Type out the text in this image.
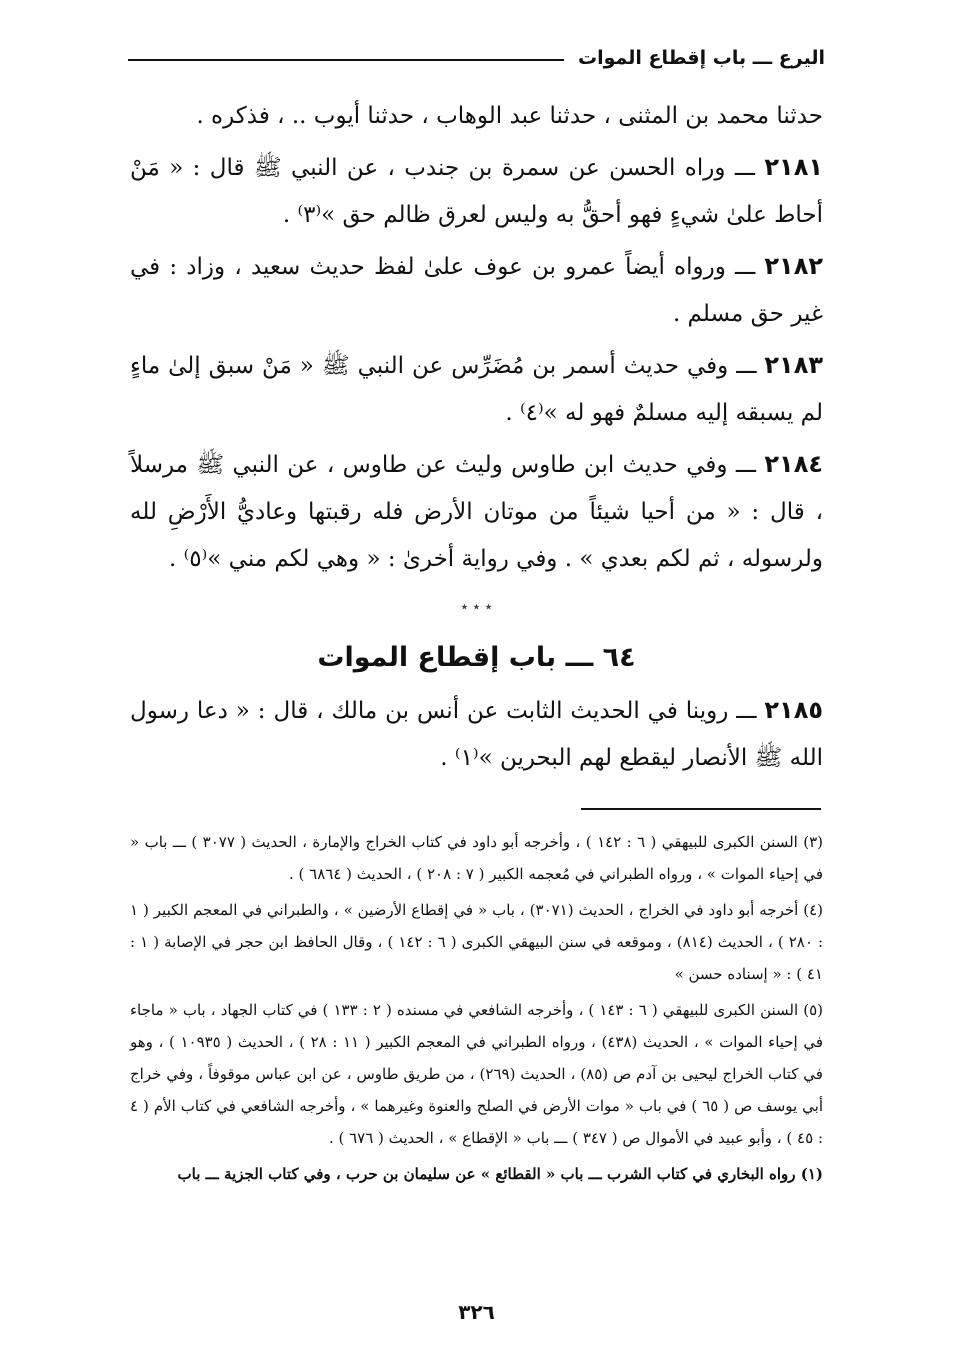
اليرع ـــ باب إقطاع الموات

حدثنا محمد بن المثنى ، حدثنا عبد الوهاب ، حدثنا أيوب .. ، فذكره .

٢١٨١ ـــ وراه الحسن عن سمرة بن جندب ، عن النبي ﷺ قال : « مَنْ أحاط علىٰ شيءٍ فهو أحقُّ به وليس لعرق ظالم حق »⁽٣⁾ .

٢١٨٢ ـــ ورواه أيضاً عمرو بن عوف علىٰ لفظ حديث سعيد ، وزاد : في غير حق مسلم .

٢١٨٣ ـــ وفي حديث أسمر بن مُضَرِّس عن النبي ﷺ « مَنْ سبق إلىٰ ماءٍ لم يسبقه إليه مسلمٌ فهو له »⁽٤⁾ .

٢١٨٤ ـــ وفي حديث ابن طاوس وليث عن طاوس ، عن النبي ﷺ مرسلاً ، قال : « من أحيا شيئاً من موتان الأرض فله رقبتها وعاديُّ الأَرْضِ لله ولرسوله ، ثم لكم بعدي » . وفي رواية أخرىٰ : « وهي لكم مني »⁽٥⁾ .

٭ ٭ ٭
٦٤ ـــ باب إقطاع الموات

٢١٨٥ ـــ روينا في الحديث الثابت عن أنس بن مالك ، قال : « دعا رسول الله ﷺ الأنصار ليقطع لهم البحرين »⁽١⁾ .

(٣) السنن الكبرى للبيهقي ( ٦ : ١٤٢ ) ، وأخرجه أبو داود في كتاب الخراج والإمارة ، الحديث ( ٣٠٧٧ ) ـــ باب « في إحياء الموات » ، ورواه الطبراني في مُعجمه الكبير ( ٧ : ٢٠٨ ) ، الحديث ( ٦٨٦٤ ) .

(٤) أخرجه أبو داود في الخراج ، الحديث (٣٠٧١) ، باب « في إقطاع الأرضين » ، والطبراني في المعجم الكبير ( ١ : ٢٨٠ ) ، الحديث (٨١٤) ، وموقعه في سنن البيهقي الكبرى ( ٦ : ١٤٢ ) ، وقال الحافظ ابن حجر في الإصابة ( ١ : ٤١ ) : « إسناده حسن »

(٥) السنن الكبرى للبيهقي ( ٦ : ١٤٣ ) ، وأخرجه الشافعي في مسنده ( ٢ : ١٣٣ ) في كتاب الجهاد ، باب « ماجاء في إحياء الموات » ، الحديث (٤٣٨) ، ورواه الطبراني في المعجم الكبير ( ١١ : ٢٨ ) ، الحديث ( ١٠٩٣٥ ) ، وهو في كتاب الخراج ليحيى بن آدم ص (٨٥) ، الحديث (٢٦٩) ، من طريق طاوس ، عن ابن عباس موقوفاً ، وفي خراج أبي يوسف ص ( ٦٥ ) في باب « موات الأرض في الصلح والعنوة وغيرهما » ، وأخرجه الشافعي في كتاب الأم ( ٤ : ٤٥ ) ، وأبو عبيد في الأموال ص ( ٣٤٧ ) ـــ باب « الإقطاع » ، الحديث ( ٦٧٦ ) .

(١) رواه البخاري في كتاب الشرب ـــ باب « القطائع » عن سليمان بن حرب ، وفي كتاب الجزية ـــ باب

٣٢٦
